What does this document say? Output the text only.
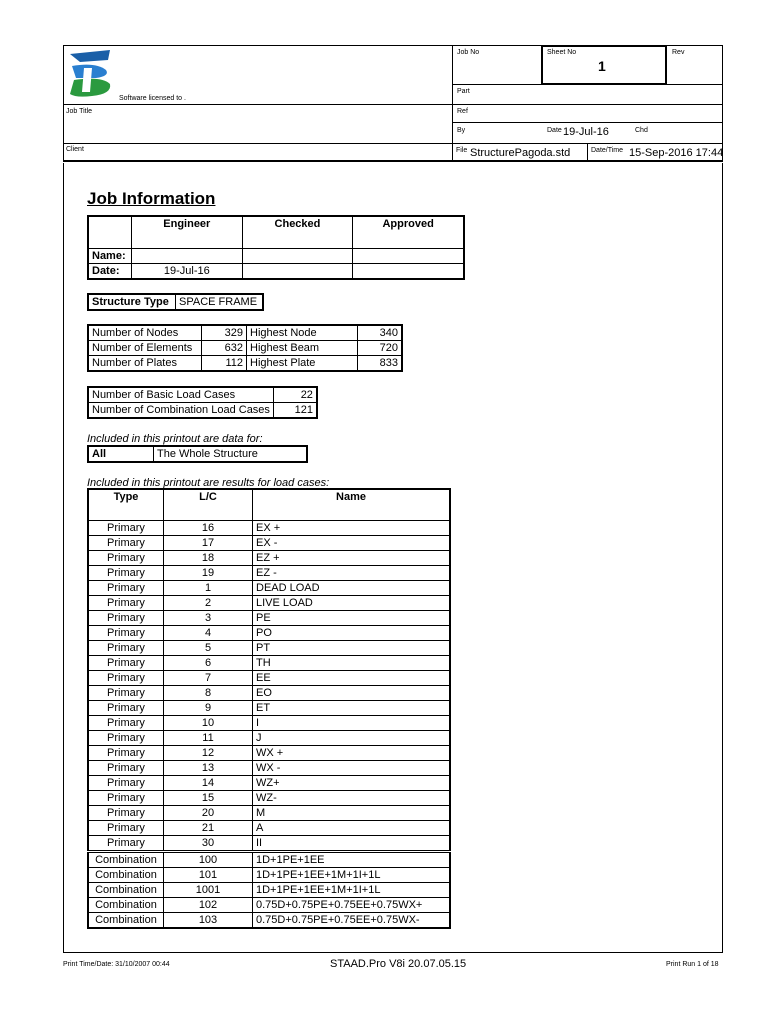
Software licensed to .
Job Title
Client
Job No	Sheet No
1
Rev
Part
Ref
By	Date 19-Jul-16	Chd
File StructurePagoda.std	Date/Time 15-Sep-2016 17:44
Job Information
	Engineer	Checked	Approved
Name:			
Date:	19-Jul-16		
Structure Type	SPACE FRAME
Number of Nodes	329	Highest Node	340
Number of Elements	632	Highest Beam	720
Number of Plates	112	Highest Plate	833
Number of Basic Load Cases	22
Number of Combination Load Cases	121
Included in this printout are data for:
All	The Whole Structure
Included in this printout are results for load cases:
Type	L/C	Name
Primary	16	EX +
Primary	17	EX -
Primary	18	EZ +
Primary	19	EZ -
Primary	1	DEAD LOAD
Primary	2	LIVE LOAD
Primary	3	PE
Primary	4	PO
Primary	5	PT
Primary	6	TH
Primary	7	EE
Primary	8	EO
Primary	9	ET
Primary	10	I
Primary	11	J
Primary	12	WX +
Primary	13	WX -
Primary	14	WZ+
Primary	15	WZ-
Primary	20	M
Primary	21	A
Primary	30	II
Combination	100	1D+1PE+1EE
Combination	101	1D+1PE+1EE+1M+1I+1L
Combination	1001	1D+1PE+1EE+1M+1I+1L
Combination	102	0.75D+0.75PE+0.75EE+0.75WX+
Combination	103	0.75D+0.75PE+0.75EE+0.75WX-
Print Time/Date: 31/10/2007 00:44	STAAD.Pro V8i 20.07.05.15	Print Run 1 of 18
